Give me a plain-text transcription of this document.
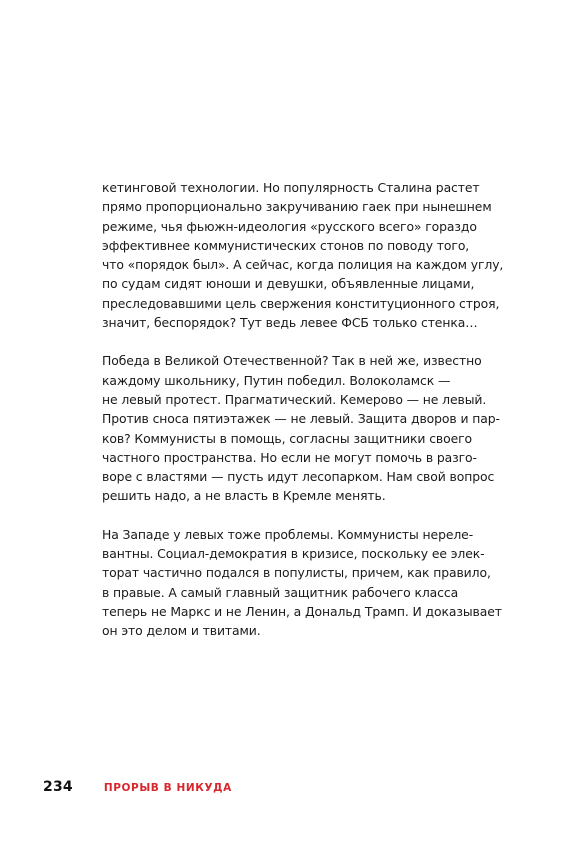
кетинговой технологии. Но популярность Сталина растет
прямо пропорционально закручиванию гаек при нынешнем
режиме, чья фьюжн-идеология «русского всего» гораздо
эффективнее коммунистических стонов по поводу того,
что «порядок был». А сейчас, когда полиция на каждом углу,
по судам сидят юноши и девушки, объявленные лицами,
преследовавшими цель свержения конституционного строя,
значит, беспорядок? Тут ведь левее ФСБ только стенка…
Победа в Великой Отечественной? Так в ней же, известно
каждому школьнику, Путин победил. Волоколамск —
не левый протест. Прагматический. Кемерово — не левый.
Против сноса пятиэтажек — не левый. Защита дворов и пар-
ков? Коммунисты в помощь, согласны защитники своего
частного пространства. Но если не могут помочь в разго-
воре с властями — пусть идут лесопарком. Нам свой вопрос
решить надо, а не власть в Кремле менять.
На Западе у левых тоже проблемы. Коммунисты нереле-
вантны. Социал-демократия в кризисе, поскольку ее элек-
торат частично подался в популисты, причем, как правило,
в правые. А самый главный защитник рабочего класса
теперь не Маркс и не Ленин, а Дональд Трамп. И доказывает
он это делом и твитами.
234	ПРОРЫВ В НИКУДА
